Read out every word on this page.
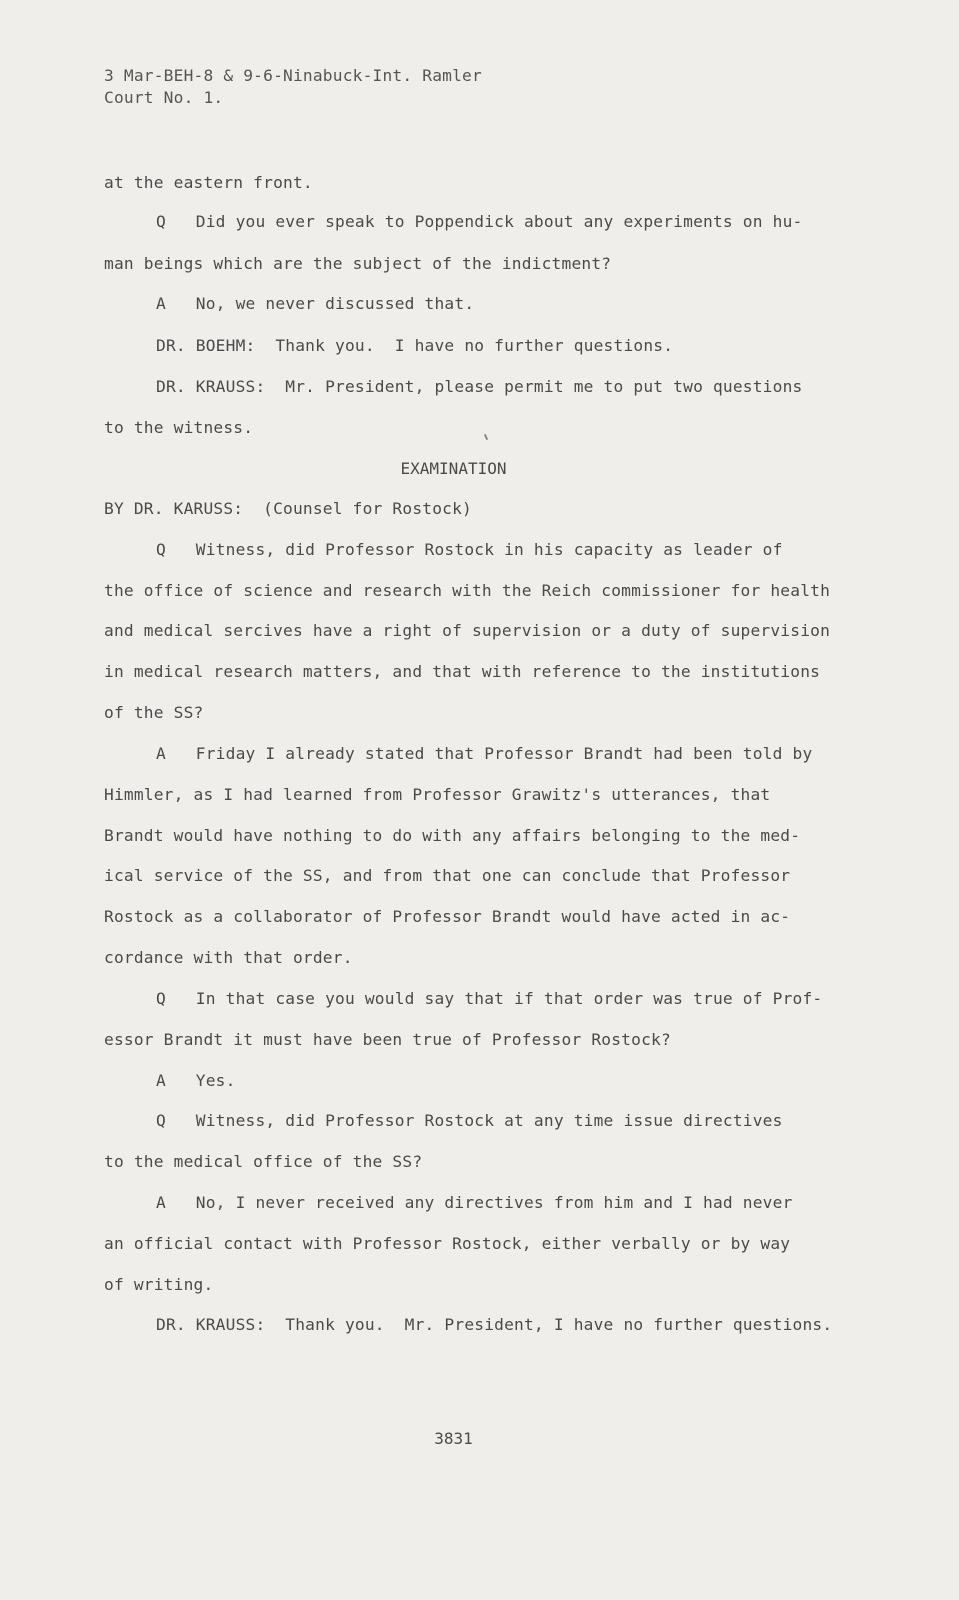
3 Mar-BEH-8 & 9-6-Ninabuck-Int. Ramler
Court No. 1.
at the eastern front.
Q   Did you ever speak to Poppendick about any experiments on hu-
man beings which are the subject of the indictment?
A   No, we never discussed that.
DR. BOEHM:  Thank you.  I have no further questions.
DR. KRAUSS:  Mr. President, please permit me to put two questions
to the witness.
EXAMINATION
BY DR. KARUSS:  (Counsel for Rostock)
Q   Witness, did Professor Rostock in his capacity as leader of
the office of science and research with the Reich commissioner for health
and medical sercives have a right of supervision or a duty of supervision
in medical research matters, and that with reference to the institutions
of the SS?
A   Friday I already stated that Professor Brandt had been told by
Himmler, as I had learned from Professor Grawitz's utterances, that
Brandt would have nothing to do with any affairs belonging to the med-
ical service of the SS, and from that one can conclude that Professor
Rostock as a collaborator of Professor Brandt would have acted in ac-
cordance with that order.
Q   In that case you would say that if that order was true of Prof-
essor Brandt it must have been true of Professor Rostock?
A   Yes.
Q   Witness, did Professor Rostock at any time issue directives
to the medical office of the SS?
A   No, I never received any directives from him and I had never
an official contact with Professor Rostock, either verbally or by way
of writing.
DR. KRAUSS:  Thank you.  Mr. President, I have no further questions.
3831
